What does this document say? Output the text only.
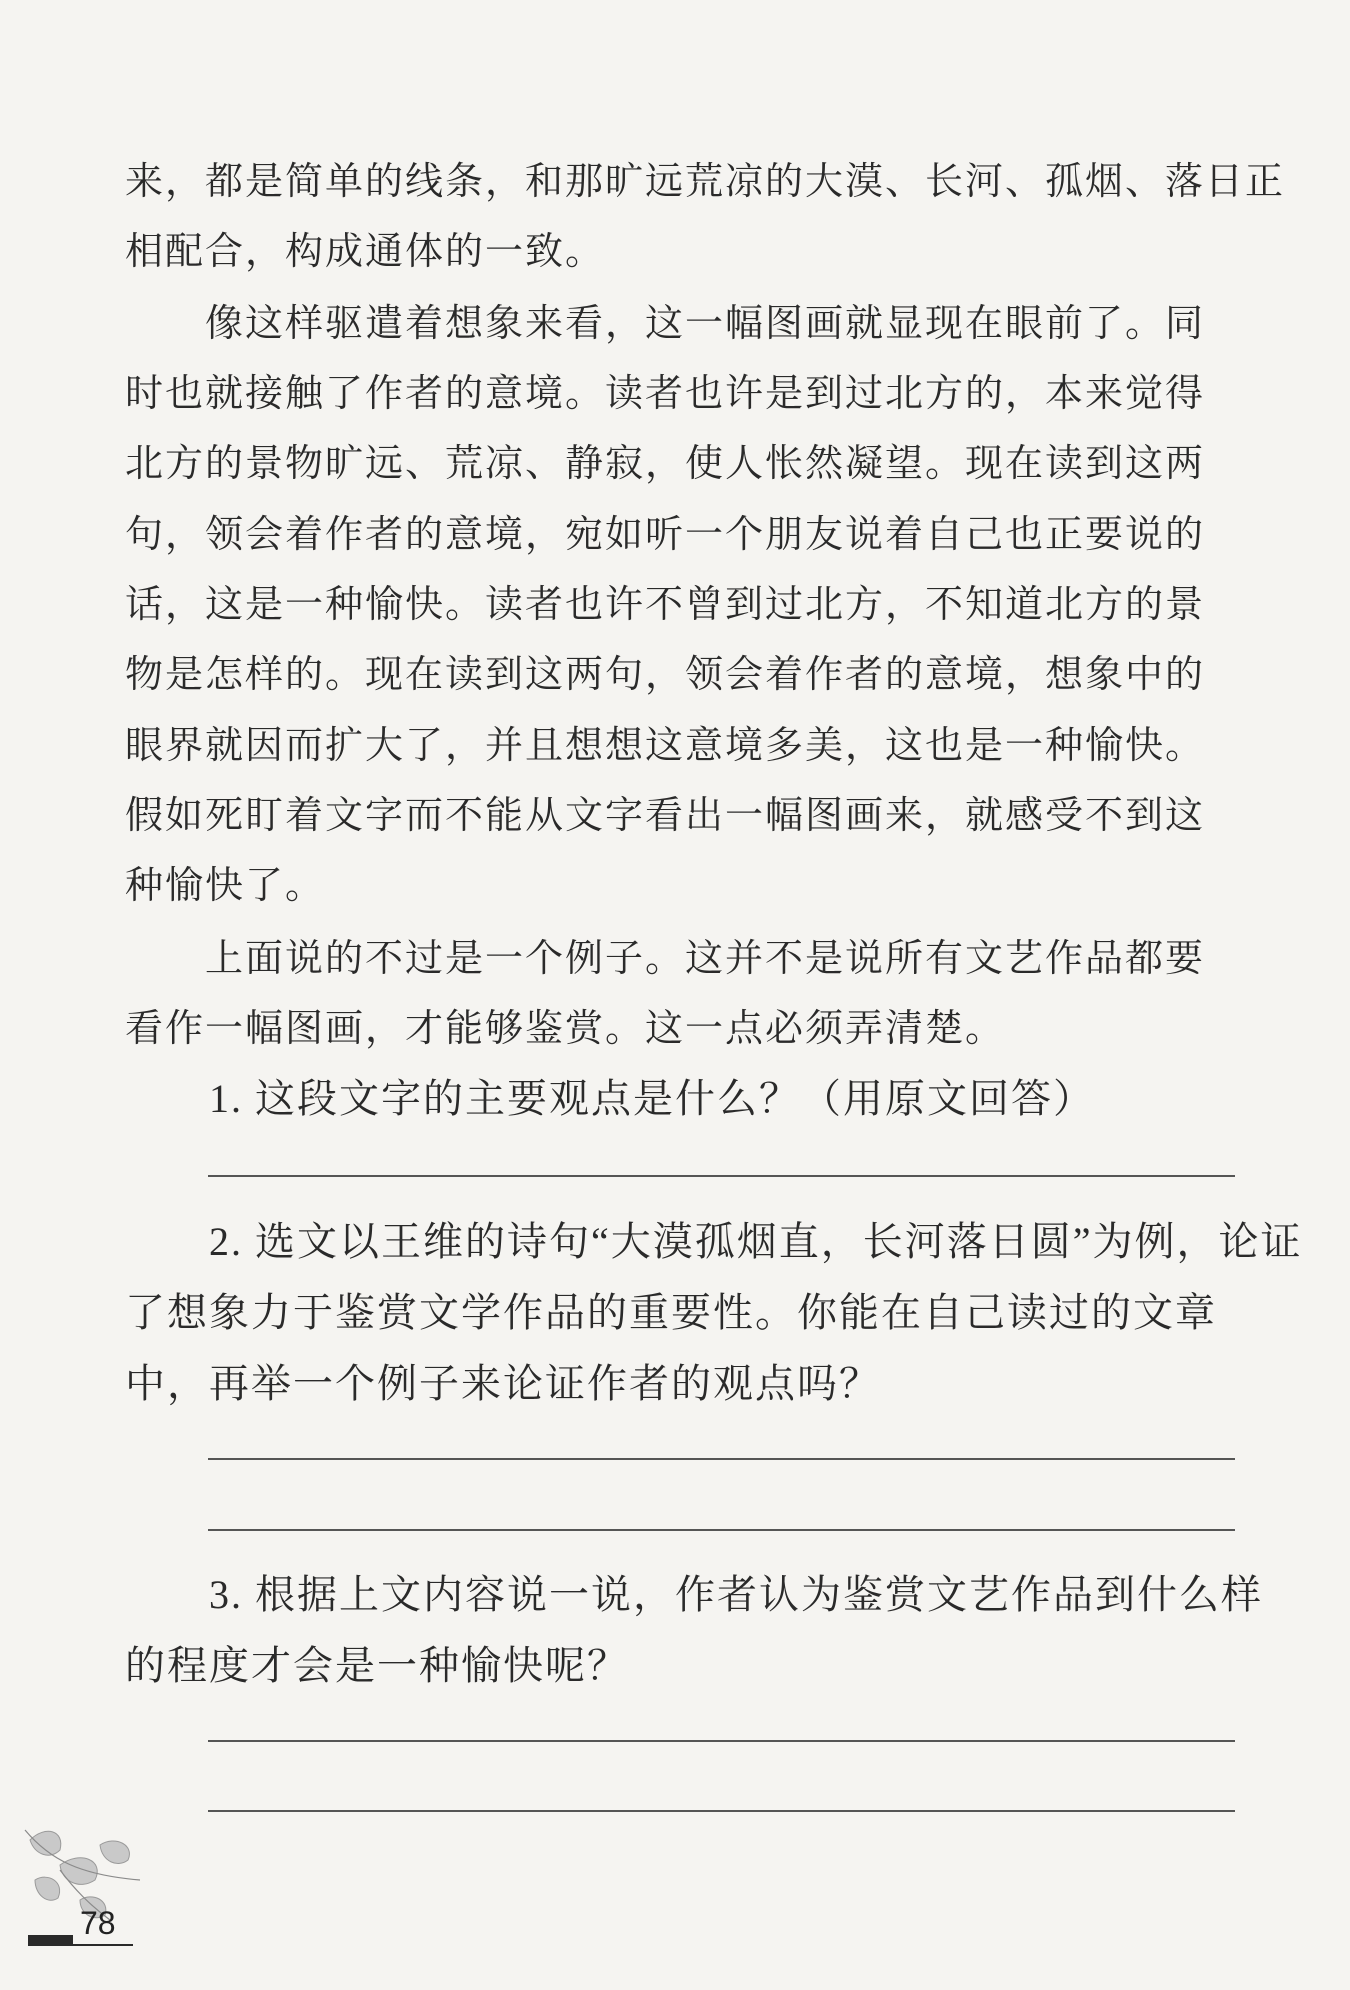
来，都是简单的线条，和那旷远荒凉的大漠、长河、孤烟、落日正
相配合，构成通体的一致。
　　像这样驱遣着想象来看，这一幅图画就显现在眼前了。同
时也就接触了作者的意境。读者也许是到过北方的，本来觉得
北方的景物旷远、荒凉、静寂，使人怅然凝望。现在读到这两
句，领会着作者的意境，宛如听一个朋友说着自己也正要说的
话，这是一种愉快。读者也许不曾到过北方，不知道北方的景
物是怎样的。现在读到这两句，领会着作者的意境，想象中的
眼界就因而扩大了，并且想想这意境多美，这也是一种愉快。
假如死盯着文字而不能从文字看出一幅图画来，就感受不到这
种愉快了。
　　上面说的不过是一个例子。这并不是说所有文艺作品都要
看作一幅图画，才能够鉴赏。这一点必须弄清楚。
　　1. 这段文字的主要观点是什么？（用原文回答）
　　2. 选文以王维的诗句“大漠孤烟直，长河落日圆”为例，论证
了想象力于鉴赏文学作品的重要性。你能在自己读过的文章
中，再举一个例子来论证作者的观点吗？
　　3. 根据上文内容说一说，作者认为鉴赏文艺作品到什么样
的程度才会是一种愉快呢？
78
